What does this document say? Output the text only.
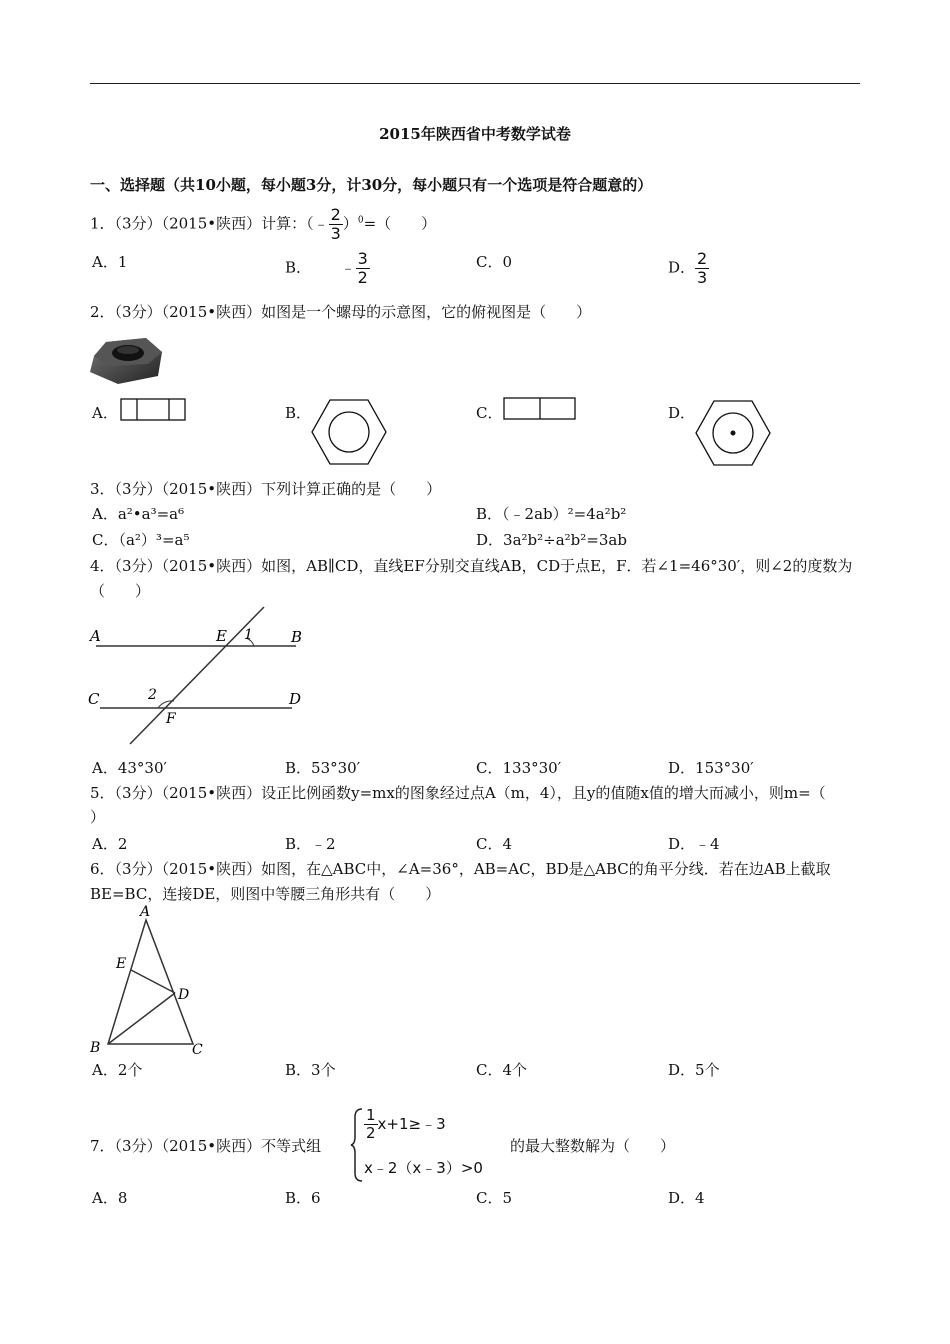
2015年陕西省中考数学试卷
一、选择题（共10小题，每小题3分，计30分，每小题只有一个选项是符合题意的）
1．（3分）（2015•陕西）计算：（﹣ $\frac{2}{3} )^0=$（　　）
A．1	B． ﹣ $\frac{3}{2}$	C．0	D． $\frac{2}{3}$
2．（3分）（2015•陕西）如图是一个螺母的示意图，它的俯视图是（　　）
A．	B．	C．	D．
3．（3分）（2015•陕西）下列计算正确的是（　　）
A．a²•a³=a⁶	B．（﹣2ab）²=4a²b²
C．（a²）³=a⁵	D．3a²b²÷a²b²=3ab
4．（3分）（2015•陕西）如图，AB∥CD，直线EF分别交直线AB，CD于点E，F．若∠1=46°30′，则∠2的度数为
（　　）
A	B
E 1
C	D
2
F
A．43°30′	B．53°30′	C．133°30′	D．153°30′
5．（3分）（2015•陕西）设正比例函数y=mx的图象经过点A（m，4），且y的值随x值的增大而减小，则m=（
）
A．2	B．﹣2	C．4	D．﹣4
6．（3分）（2015•陕西）如图，在△ABC中，∠A=36°，AB=AC，BD是△ABC的角平分线．若在边AB上截取
BE=BC，连接DE，则图中等腰三角形共有（　　）
A
E
D
B	C
A．2个	B．3个	C．4个	D．5个
7．（3分）（2015•陕西）不等式组
$\frac{1}{2}$ x+1≥﹣3
x﹣2（x﹣3）>0
的最大整数解为（　　）
A．8	B．6	C．5	D．4
